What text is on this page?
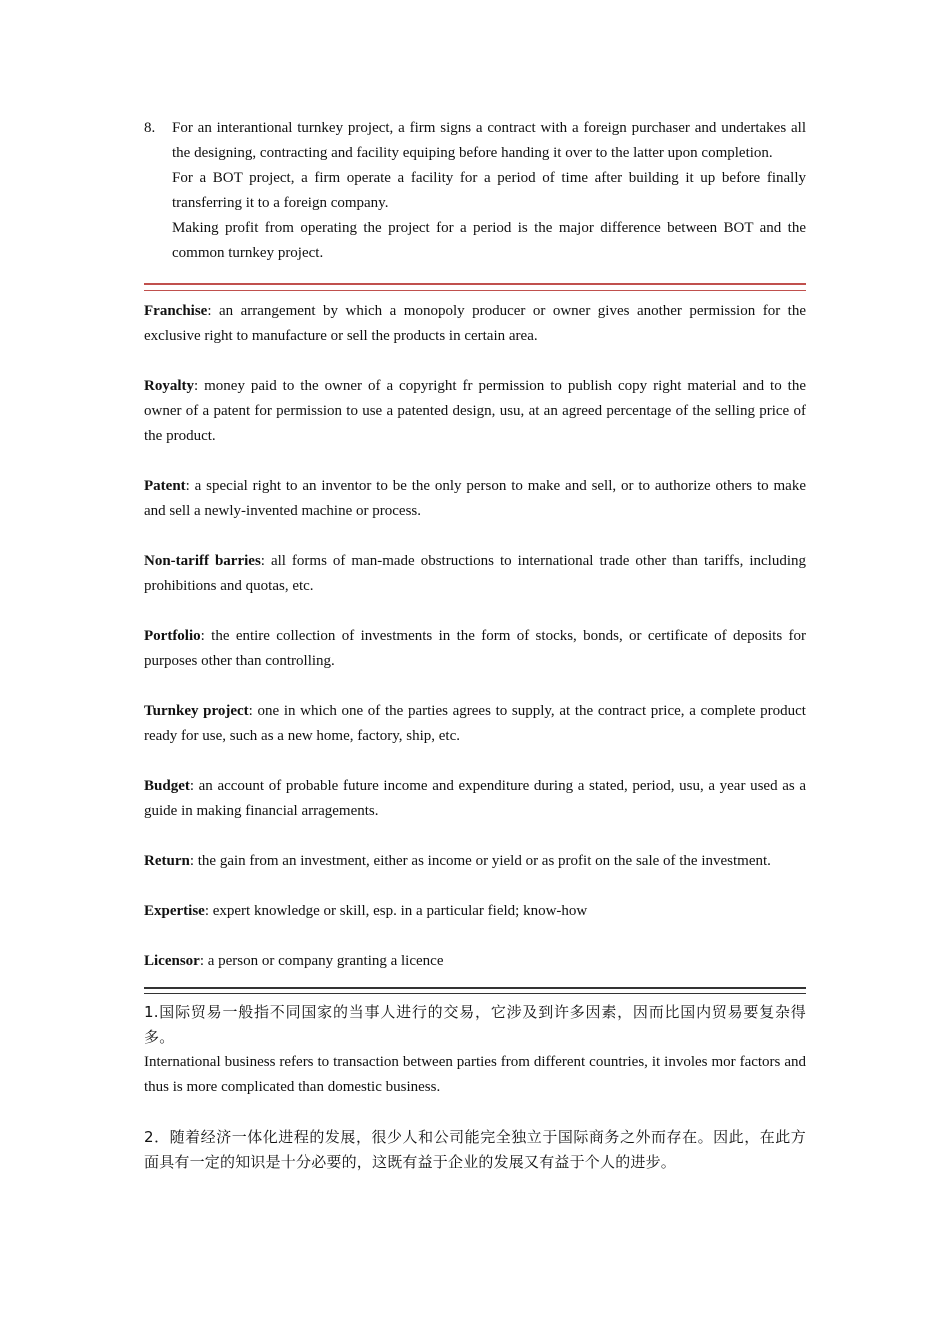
8.	For an interantional turnkey project, a firm signs a contract with a foreign purchaser and undertakes all the designing, contracting and facility equiping before handing it over to the latter upon completion.

For a BOT project, a firm operate a facility for a period of time after building it up before finally transferring it to a foreign company.

Making profit from operating the project for a period is the major difference between BOT and the common turnkey project.

Franchise: an arrangement by which a monopoly producer or owner gives another permission for the exclusive right to manufacture or sell the products in certain area.

Royalty: money paid to the owner of a copyright fr permission to publish copy right material and to the owner of a patent for permission to use a patented design, usu, at an agreed percentage of the selling price of the product.

Patent: a special right to an inventor to be the only person to make and sell, or to authorize others to make and sell a newly-invented machine or process.

Non-tariff barries: all forms of man-made obstructions to international trade other than tariffs, including prohibitions and quotas, etc.

Portfolio: the entire collection of investments in the form of stocks, bonds, or certificate of deposits for purposes other than controlling.

Turnkey project: one in which one of the parties agrees to supply, at the contract price, a complete product ready for use, such as a new home, factory, ship, etc.

Budget: an account of probable future income and expenditure during a stated, period, usu, a year used as a guide in making financial arragements.

Return: the gain from an investment, either as income or yield or as profit on the sale of the investment.

Expertise: expert knowledge or skill, esp. in a particular field; know-how

Licensor: a person or company granting a licence

1.国际贸易一般指不同国家的当事人进行的交易，它涉及到许多因素，因而比国内贸易要复杂得多。

International business refers to transaction between parties from different countries, it involes mor factors and thus is more complicated than domestic business.

2．随着经济一体化进程的发展，很少人和公司能完全独立于国际商务之外而存在。因此，在此方面具有一定的知识是十分必要的，这既有益于企业的发展又有益于个人的进步。
